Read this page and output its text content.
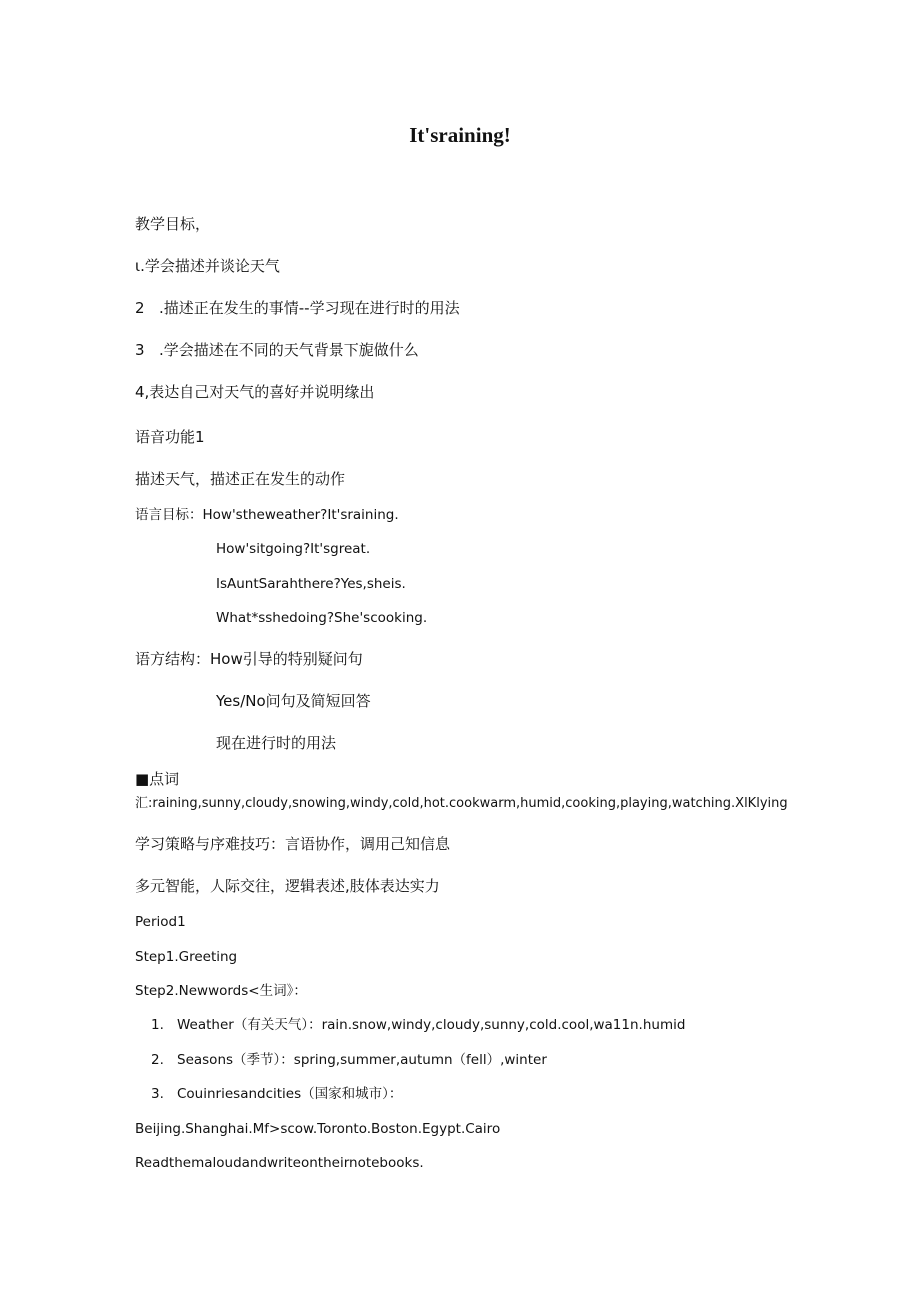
It'sraining!
教学目标，
ι.学会描述并谈论天气
2 .描述正在发生的事情--学习现在进行时的用法
3 .学会描述在不同的天气背景下旎做什么
4,表达自己对天气的喜好并说明缘出
语音功能1
描述天气，描述正在发生的动作
语言目标：How'stheweather?It'sraining.
How'sitgoing?It'sgreat.
IsAuntSarahthere?Yes,sheis.
What*sshedoing?She'scooking.
语方结构：How引导的特别疑问句
Yes/No问句及简短回答
现在进行时的用法
■点词
汇:raining,sunny,cloudy,snowing,windy,cold,hot.cookwarm,humid,cooking,playing,watching.XlKlying
学习策略与序难技巧：言语协作，调用己知信息
多元智能，人际交往，逻辑表述,肢体表达实力
Period1
Step1.Greeting
Step2.Newwords<生词》：
1. Weather（有关天气）：rain.snow,windy,cloudy,sunny,cold.cool,wa11n.humid
2. Seasons（季节）：spring,summer,autumn（fell）,winter
3. Couinriesandcities（国家和城市）：
Beijing.Shanghai.Mf>scow.Toronto.Boston.Egypt.Cairo
Readthemaloudandwriteontheirnotebooks.
